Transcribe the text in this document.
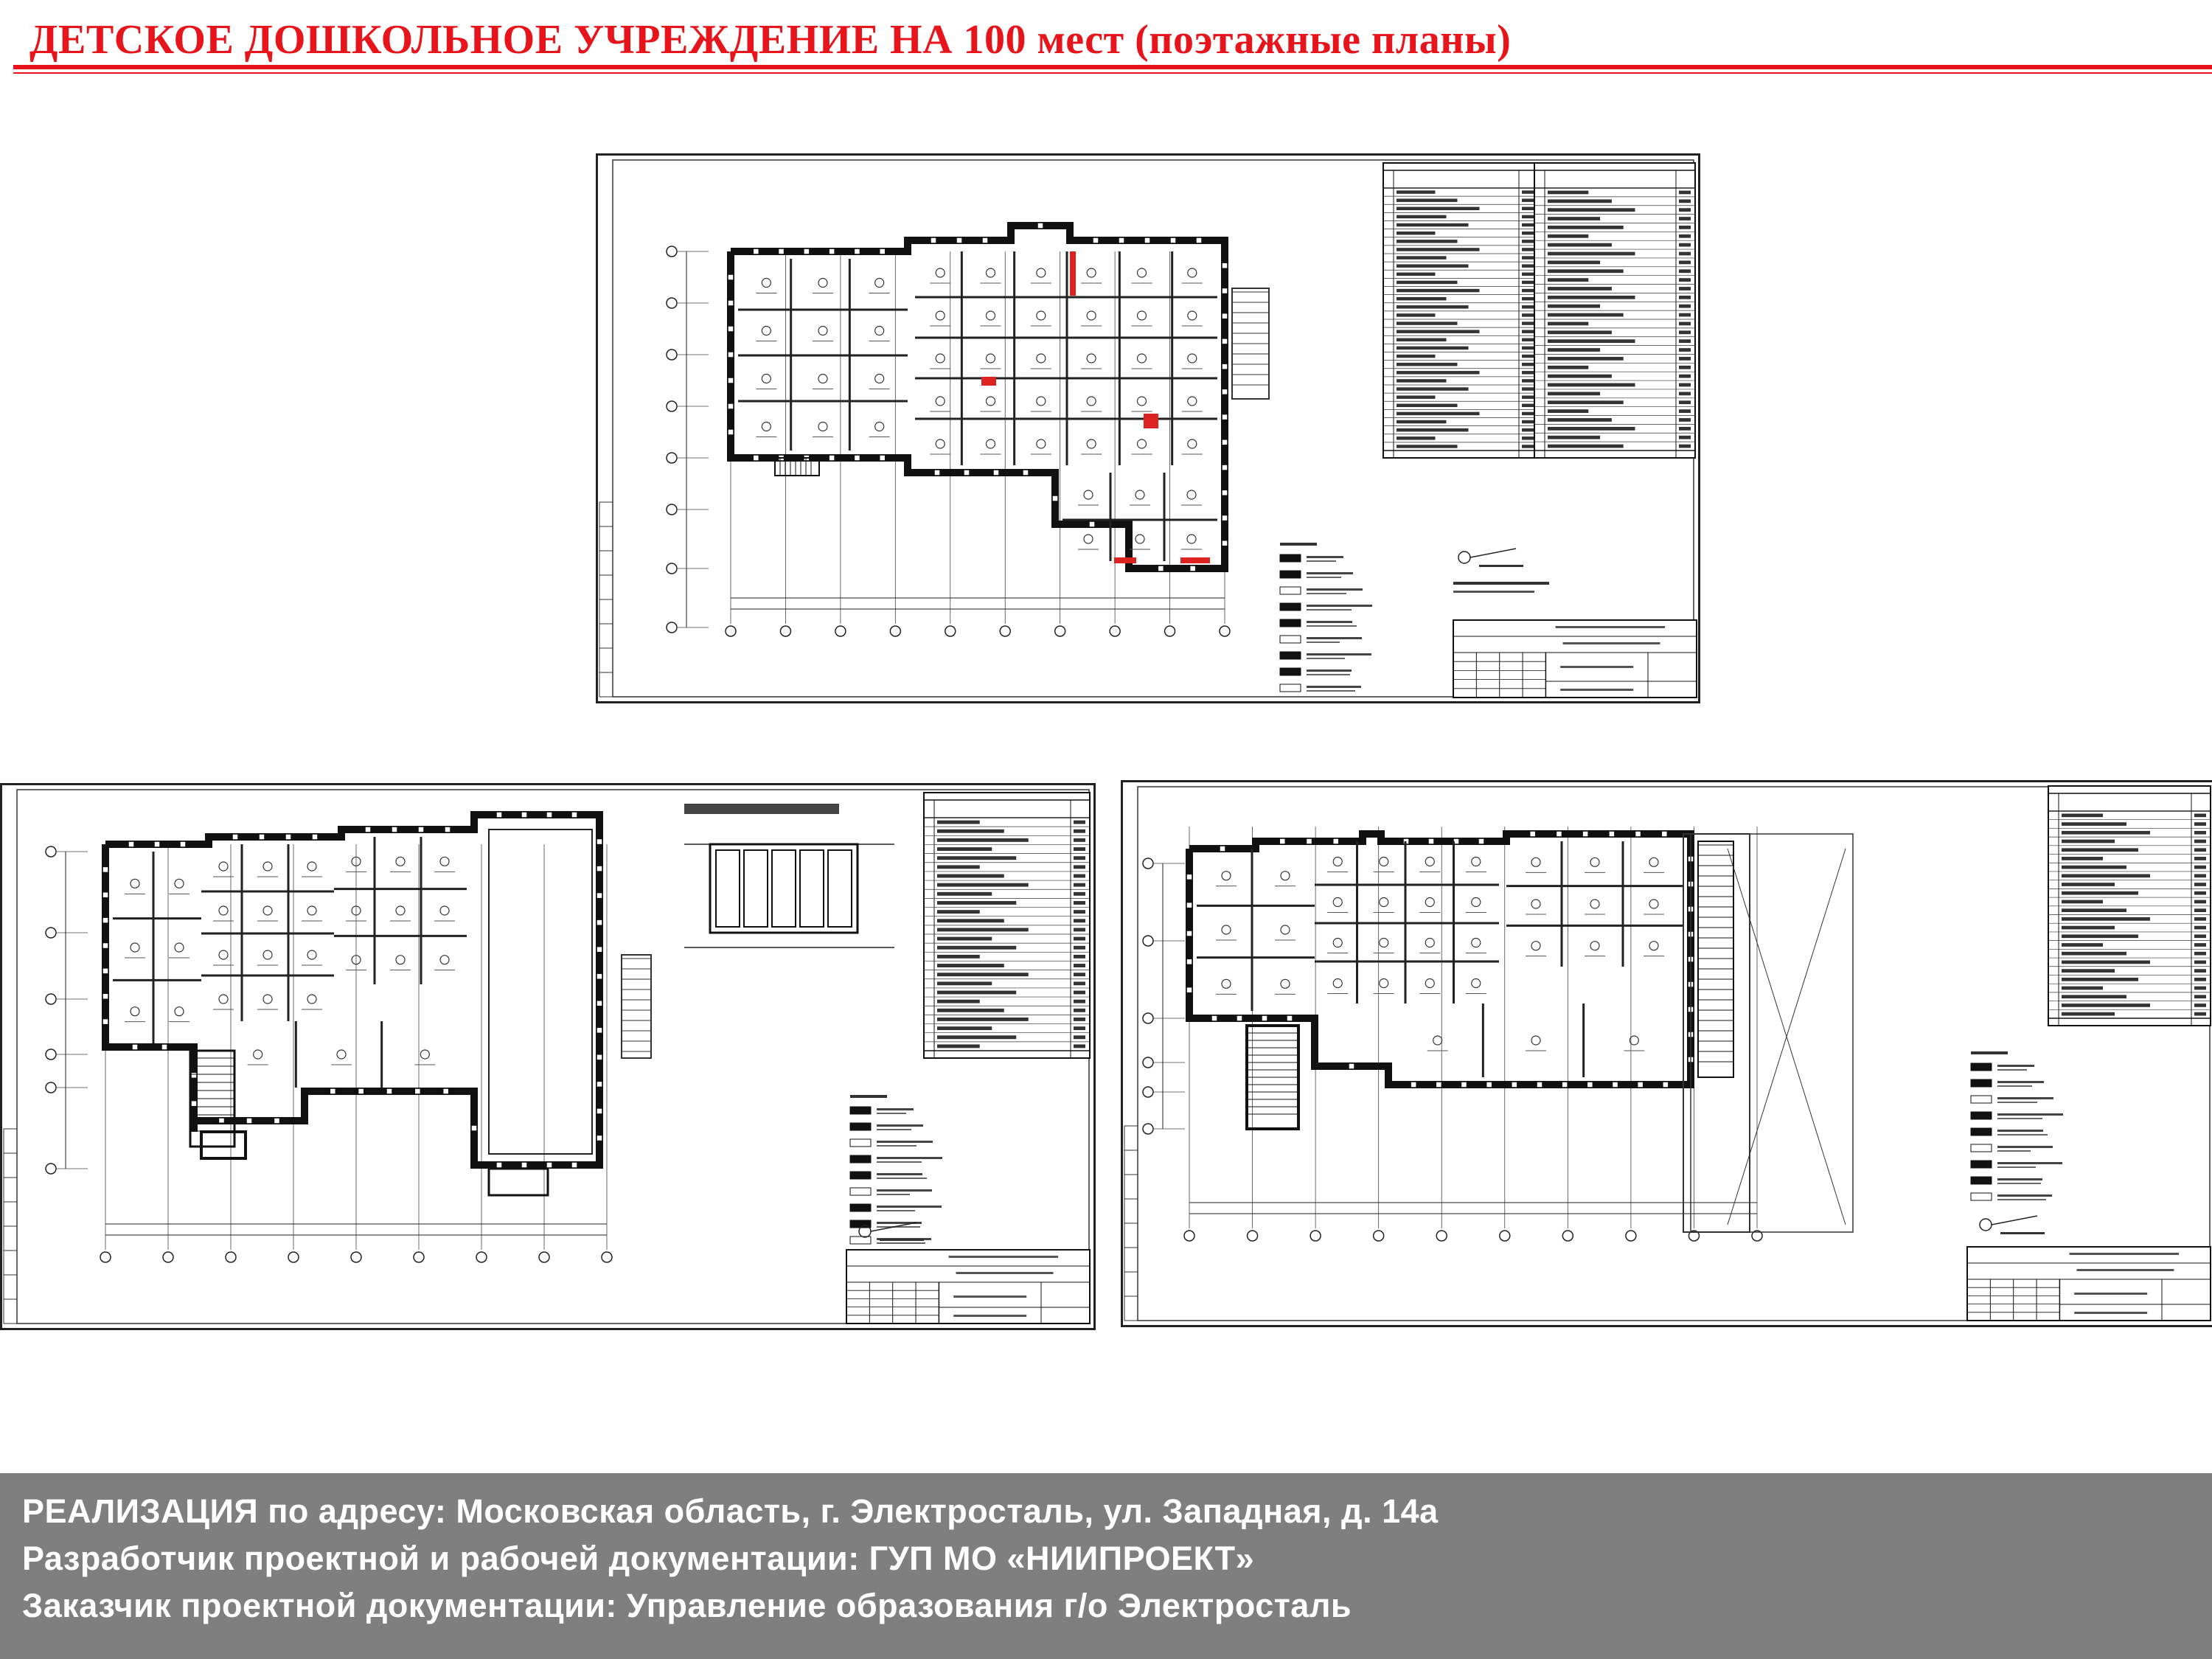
ДЕТСКОЕ ДОШКОЛЬНОЕ УЧРЕЖДЕНИЕ НА 100 мест (поэтажные планы)
РЕАЛИЗАЦИЯ по адресу: Московская область, г. Электросталь, ул. Западная, д. 14а
Разработчик проектной и рабочей документации: ГУП МО «НИИПРОЕКТ»
Заказчик проектной документации: Управление образования г/о Электросталь
